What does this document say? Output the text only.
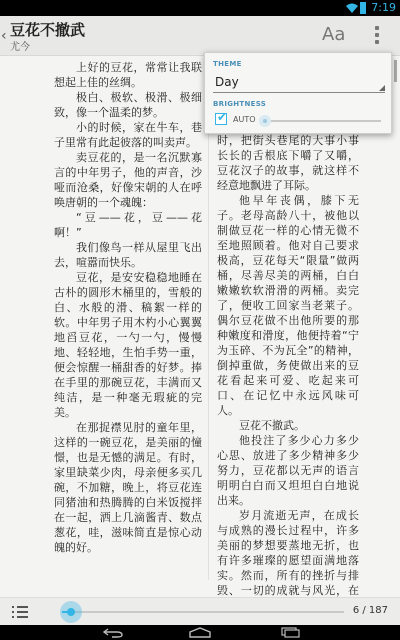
7:19
‹ 豆花不撤武
尤今
Aa

上好的豆花，常常让我联想起上佳的丝绸。

极白、极软、极滑、极细致，像一个温柔的梦。

小的时候，家在牛车，巷子里常有此起彼落的叫卖声。

卖豆花的，是一名沉默寡言的中年男子，他的声音，沙哑而沧桑，好像宋朝的人在呼唤唐朝的一个魂魄：

“豆——花，豆——花啊！”

我们像鸟一样从屋里飞出去，喧嚣而快乐。

豆花，是安安稳稳地睡在古朴的圆形木桶里的，雪般的白、水般的滑、稿絮一样的软。中年男子用木杓小心翼翼地舀豆花，一勺一勺，慢慢地、轻轻地，生怕手势一重，便会惊醒一桶甜香的好梦。捧在手里的那碗豆花，丰满而又纯洁，是一种毫无瑕疵的完美。

在那捉襟见肘的童年里，这样的一碗豆花，是美丽的憧憬，也是无憾的满足。有时，家里缺菜少肉，母亲便多买几碗，不加糖，晚上，将豆花连同猪油和热腾腾的白米饭搅拌在一起，洒上几滴酱青、数点葱花，哇，滋味简直是惊心动魄的好。

时，把街头巷尾的大事小事长长的舌根底下嚼了又嚼，豆花汉子的故事，就这样不经意地飘进了耳际。

他早年丧偶，膝下无子。老母高龄八十，被他以制做豆花一样的心情无微不至地照顾着。他对自己要求极高，豆花每天“限量”做两桶，尽善尽美的两桶，白白嫩嫩软软滑滑的两桶。卖完了，便收工回家当老莱子。偶尔豆花做不出他所要的那种嫩度和滑度，他便持着“宁为玉碎、不为瓦全”的精神，倒掉重做，务使做出来的豆花看起来可爱、吃起来可口、在记忆中永远风味可人。

豆花不撤武。

他投注了多少心力多少心思、放进了多少精神多少努力，豆花都以无声的语言明明白白而又坦坦白白地说出来。

岁月流逝无声，在成长与成熟的漫长过程中，许多美丽的梦想要蒸地无折，也有许多璀璨的愿望面满地落实。然而，所有的挫折与排毁、一切的成就与风光，在

THEME
Day
BRIGHTNESS
✔ AUTO
6 / 187
